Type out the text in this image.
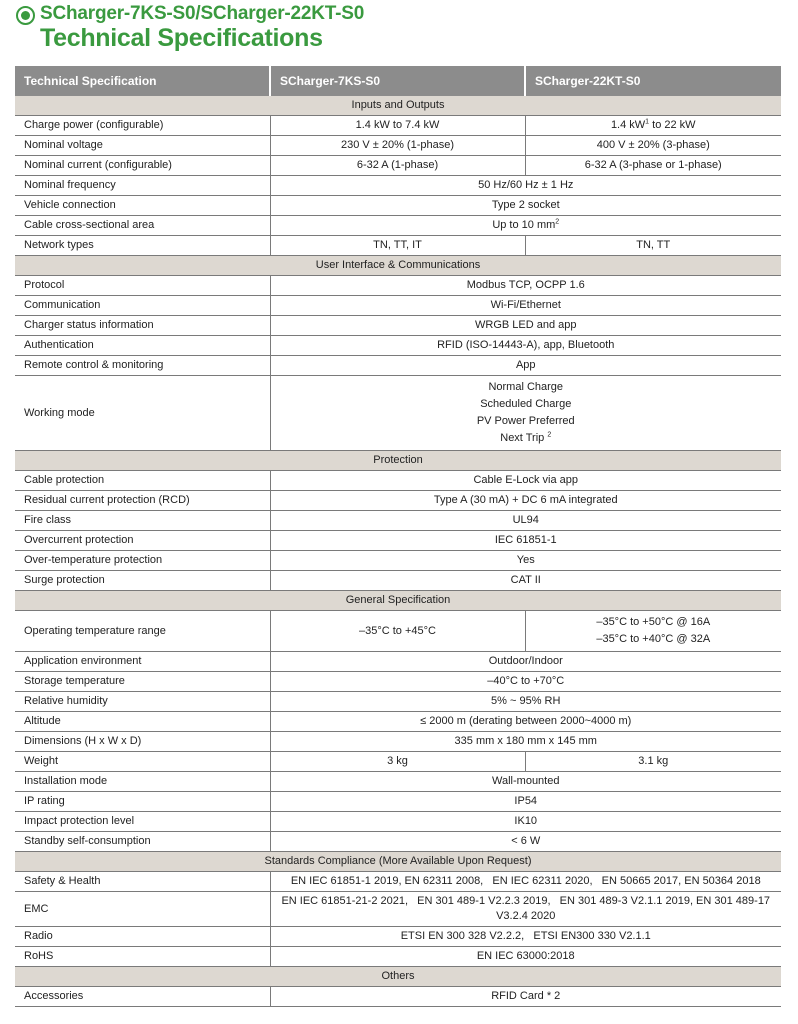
SCharger-7KS-S0/SCharger-22KT-S0
Technical Specifications
Technical Specification	SCharger-7KS-S0	SCharger-22KT-S0
Inputs and Outputs		
Charge power (configurable)	1.4 kW to 7.4 kW	1.4 $kW^1$ to 22 kW
Nominal voltage	230 V ± 20% (1-phase)	400 V ± 20% (3-phase)
Nominal current (configurable)	6-32 A (1-phase)	6-32 A (3-phase or 1-phase)
Nominal frequency	50 Hz/60 Hz ± 1 Hz	
Vehicle connection	Type 2 socket	
Cable cross-sectional area	Up to 10 $mm^2$
Network types	TN, TT, IT	TN, TT
User Interface & Communications		
Protocol	Modbus TCP, OCPP 1.6	
Communication	Wi-Fi/Ethernet	
Charger status information	WRGB LED and app	
Authentication	RFID (ISO-14443-A), app, Bluetooth	
Remote control & monitoring	App	
Working mode	Normal Charge
Scheduled Charge
PV Power Preferred
Next Trip $^2$

Protection		
Cable protection	Cable E-Lock via app	
Residual current protection (RCD)	Type A (30 mA) + DC 6 mA integrated	
Fire class	UL94	
Overcurrent protection	IEC 61851-1	
Over-temperature protection	Yes	
Surge protection	CAT II	
General Specification		
Operating temperature range	–35°C to +45°C	–35°C to +50°C @ 16A
–35°C to +40°C @ 32A

Application environment	Outdoor/Indoor	
Storage temperature	–40°C to +70°C	
Relative humidity	5% ~ 95% RH	
Altitude	≤ 2000 m (derating between 2000~4000 m)	
Dimensions (H x W x D)	335 mm x 180 mm x 145 mm	
Weight	3 kg	3.1 kg
Installation mode	Wall-mounted	
IP rating	IP54	
Impact protection level	IK10	
Standby self-consumption	< 6 W	
Standards Compliance (More Available Upon Request)		
Safety & Health	EN IEC 61851-1 2019, EN 62311 2008,   EN IEC 62311 2020,   EN 50665 2017, EN 50364 2018	
EMC	EN IEC 61851-21-2 2021,   EN 301 489-1 V2.2.3 2019,   EN 301 489-3 V2.1.1 2019, EN 301 489-17 V3.2.4 2020	
Radio	ETSI EN 300 328 V2.2.2,   ETSI EN300 330 V2.1.1	
RoHS	EN IEC 63000:2018	
Others		
Accessories	RFID Card * 2	
